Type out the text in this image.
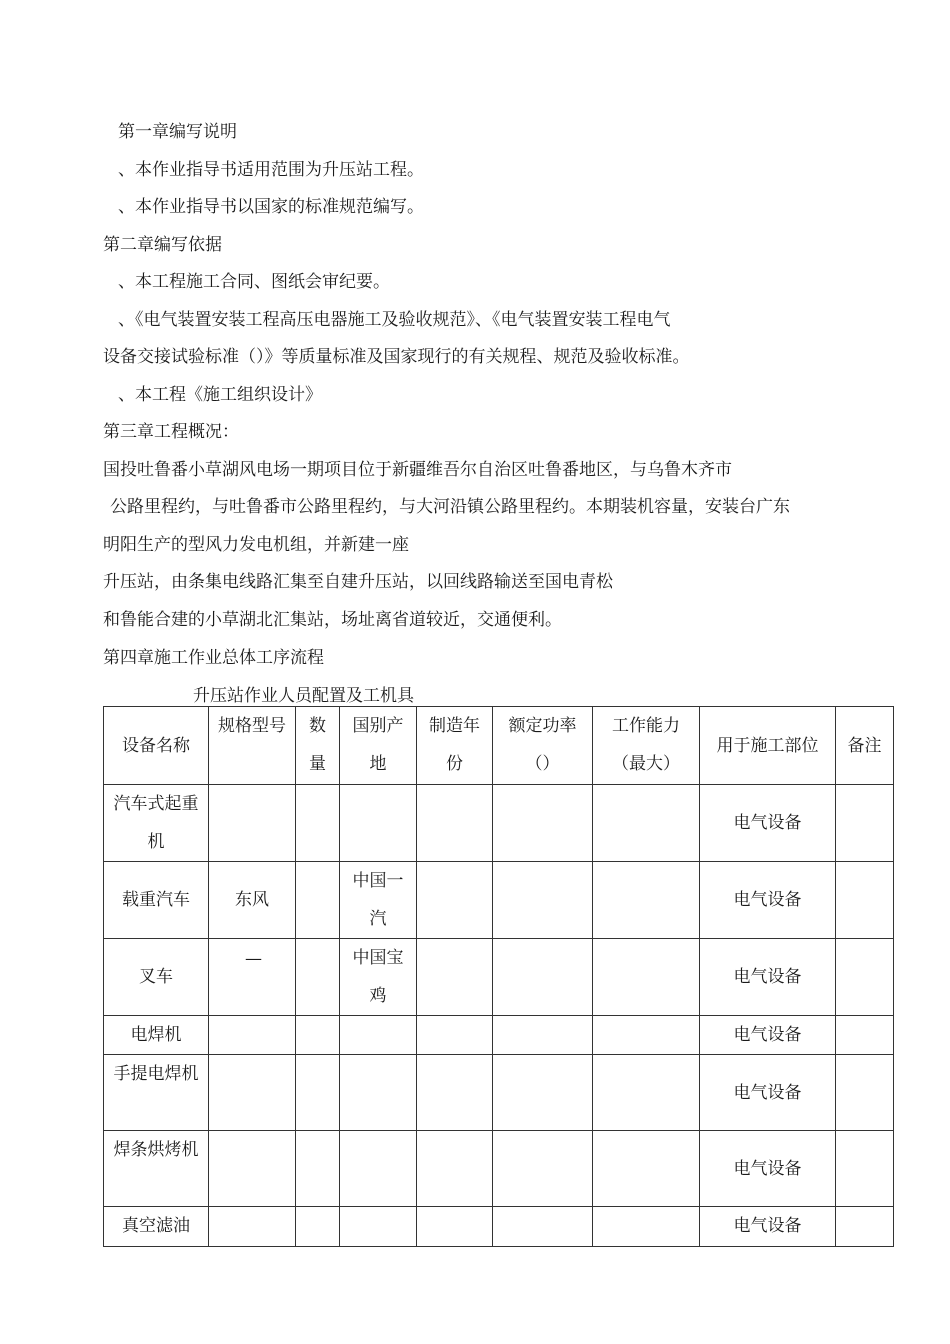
第一章编写说明
、本作业指导书适用范围为升压站工程。
、本作业指导书以国家的标准规范编写。
第二章编写依据
、本工程施工合同、图纸会审纪要。
、《电气装置安装工程高压电器施工及验收规范》、《电气装置安装工程电气
设备交接试验标准（）》等质量标准及国家现行的有关规程、规范及验收标准。
、本工程《施工组织设计》
第三章工程概况：
国投吐鲁番小草湖风电场一期项目位于新疆维吾尔自治区吐鲁番地区，与乌鲁木齐市
公路里程约，与吐鲁番市公路里程约，与大河沿镇公路里程约。本期装机容量，安装台广东
明阳生产的型风力发电机组，并新建一座
升压站，由条集电线路汇集至自建升压站，以回线路输送至国电青松
和鲁能合建的小草湖北汇集站，场址离省道较近，交通便利。
第四章施工作业总体工序流程
升压站作业人员配置及工机具
设备名称	规格型号	数量	国别产地	制造年份	额定功率（）	工作能力（最大）	用于施工部位	备注

汽车式起重机							电气设备	

载重汽车	东风		中国一汽				电气设备	

叉车	—		中国宝鸡				电气设备	

电焊机							电气设备	

手提电焊机							电气设备	

焊条烘烤机							电气设备	

真空滤油							电气设备	
